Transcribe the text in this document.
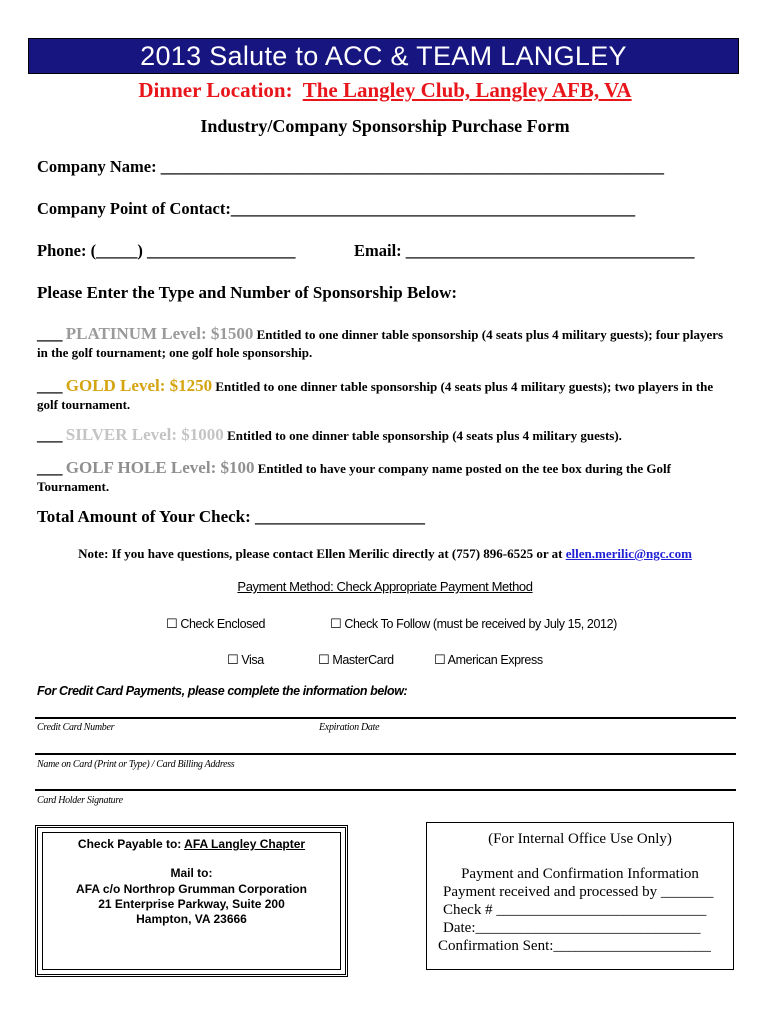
2013 Salute to ACC & TEAM LANGLEY
Dinner Location: The Langley Club, Langley AFB, VA
Industry/Company Sponsorship Purchase Form
Company Name: _____________________________________________________________
Company Point of Contact:_________________________________________________
Phone: (_____) __________________	Email: ___________________________________
Please Enter the Type and Number of Sponsorship Below:
___ PLATINUM Level: $1500 Entitled to one dinner table sponsorship (4 seats plus 4 military guests); four players in the golf tournament; one golf hole sponsorship.
___ GOLD Level: $1250 Entitled to one dinner table sponsorship (4 seats plus 4 military guests); two players in the golf tournament.
___ SILVER Level: $1000 Entitled to one dinner table sponsorship (4 seats plus 4 military guests).
___ GOLF HOLE Level: $100 Entitled to have your company name posted on the tee box during the Golf Tournament.
Total Amount of Your Check: ____________________
Note: If you have questions, please contact Ellen Merilic directly at (757) 896-6525 or at ellen.merilic@ngc.com
Payment Method: Check Appropriate Payment Method
☐ Check Enclosed	☐ Check To Follow (must be received by July 15, 2012)
☐ Visa	☐ MasterCard	☐ American Express
For Credit Card Payments, please complete the information below:
Credit Card Number	Expiration Date
Name on Card (Print or Type) / Card Billing Address
Card Holder Signature
Check Payable to: AFA Langley Chapter
Mail to:
AFA c/o Northrop Grumman Corporation
21 Enterprise Parkway, Suite 200
Hampton, VA 23666
(For Internal Office Use Only)
Payment and Confirmation Information
Payment received and processed by _______
Check # ____________________________
Date:______________________________
Confirmation Sent:_____________________
